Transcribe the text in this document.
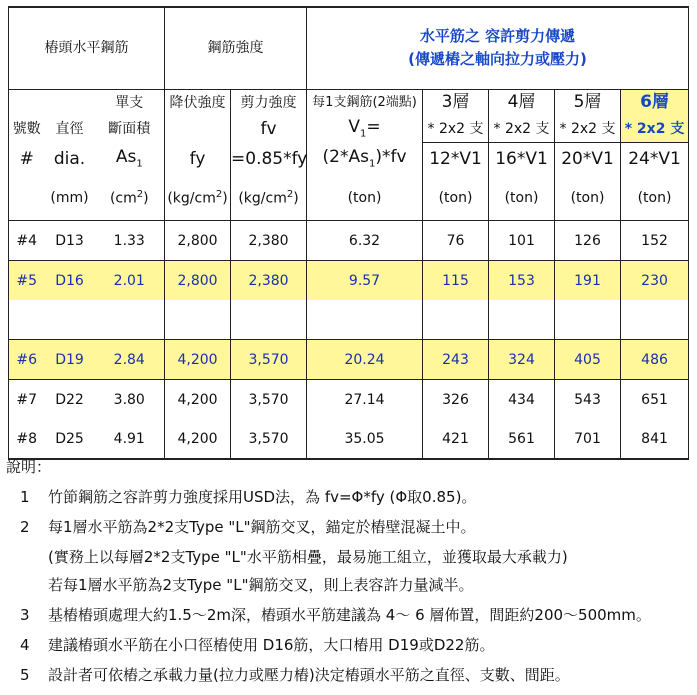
樁頭水平鋼筋			鋼筋強度		水平筋之 容許剪力傳遞
(傳遞樁之軸向拉力或壓力)				

		單支	降伏強度	剪力強度	每1支鋼筋(2端點)	3層	4層	5層	6層
號數	直徑	斷面積		fv	$V_1=$	* 2x2 支	* 2x2 支	* 2x2 支	* 2x2 支
#	dia.	$As_1$	fy	=0.85*fy	$(2*As_1)*fv$	12*V1	16*V1	20*V1	24*V1
	(mm)	$(cm^2)$	$(kg/cm^2)$	$(kg/cm^2)$	(ton)	(ton)	(ton)	(ton)	(ton)
#4	D13	1.33	2,800	2,380	6.32	76	101	126	152
#5	D16	2.01	2,800	2,380	9.57	115	153	191	230

#6	D19	2.84	4,200	3,570	20.24	243	324	405	486
#7	D22	3.80	4,200	3,570	27.14	326	434	543	651
#8	D25	4.91	4,200	3,570	35.05	421	561	701	841
說明：
1 竹節鋼筋之容許剪力強度採用USD法，為 fv=Φ*fy (Φ取0.85)。
2 每1層水平筋為2*2支Type "L"鋼筋交叉，錨定於樁壁混凝土中。
(實務上以每層2*2支Type "L"水平筋相疊，最易施工組立，並獲取最大承載力)
若每1層水平筋為2支Type "L"鋼筋交叉，則上表容許力量減半。
3 基樁樁頭處理大約1.5～2m深，樁頭水平筋建議為 4～ 6 層佈置，間距約200～500mm。
4 建議樁頭水平筋在小口徑樁使用 D16筋，大口樁用 D19或D22筋。
5 設計者可依樁之承載力量(拉力或壓力樁)決定樁頭水平筋之直徑、支數、間距。
